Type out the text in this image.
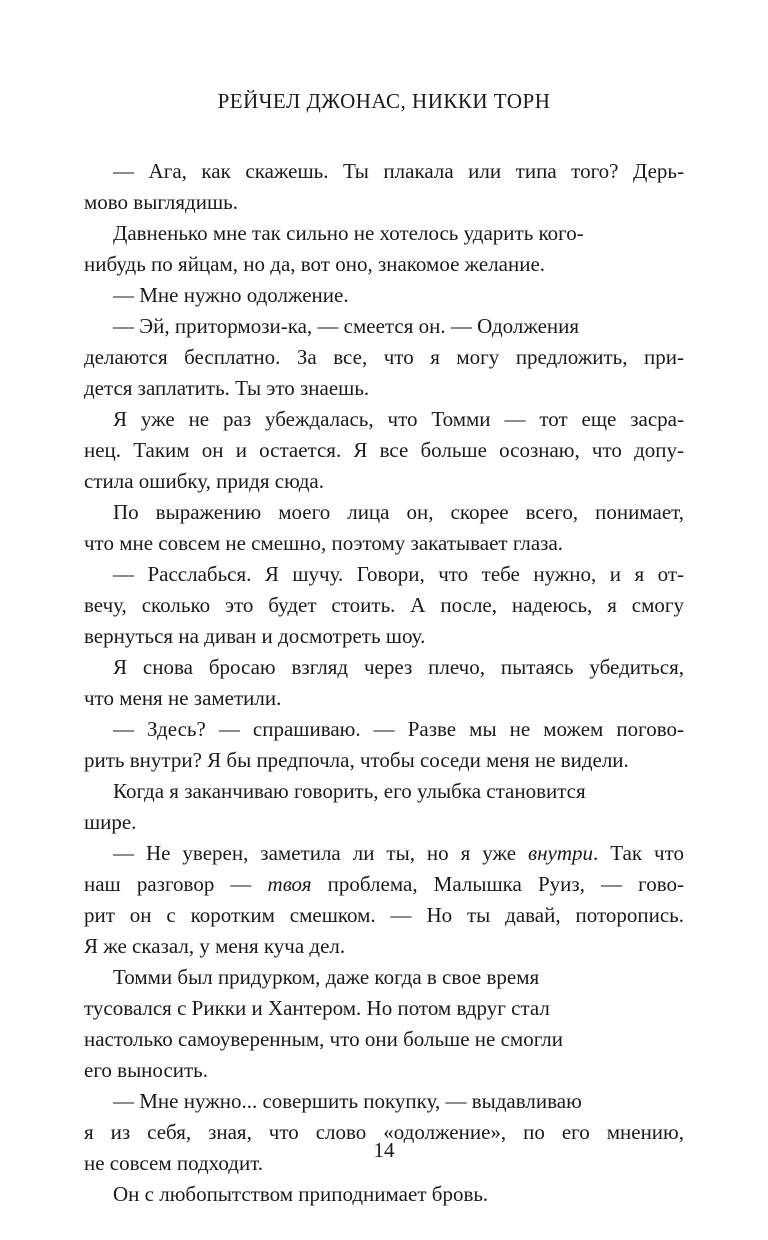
РЕЙЧЕЛ ДЖОНАС, НИККИ ТОРН

— Ага, как скажешь. Ты плакала или типа того? Дерь-
мово выглядишь.

Давненько мне так сильно не хотелось ударить кого-
нибудь по яйцам, но да, вот оно, знакомое желание.

— Мне нужно одолжение.

— Эй, притормози-ка, — смеется он. — Одолжения
делаются бесплатно. За все, что я могу предложить, при-
дется заплатить. Ты это знаешь.

Я уже не раз убеждалась, что Томми — тот еще засра-
нец. Таким он и остается. Я все больше осознаю, что допу-
стила ошибку, придя сюда.

По выражению моего лица он, скорее всего, понимает,
что мне совсем не смешно, поэтому закатывает глаза.

— Расслабься. Я шучу. Говори, что тебе нужно, и я от-
вечу, сколько это будет стоить. А после, надеюсь, я смогу
вернуться на диван и досмотреть шоу.

Я снова бросаю взгляд через плечо, пытаясь убедиться,
что меня не заметили.

— Здесь? — спрашиваю. — Разве мы не можем погово-
рить внутри? Я бы предпочла, чтобы соседи меня не видели.

Когда я заканчиваю говорить, его улыбка становится
шире.

— Не уверен, заметила ли ты, но я уже внутри. Так что
наш разговор — твоя проблема, Малышка Руиз, — гово-
рит он с коротким смешком. — Но ты давай, поторопись.
Я же сказал, у меня куча дел.

Томми был придурком, даже когда в свое время
тусовался с Рикки и Хантером. Но потом вдруг стал
настолько самоуверенным, что они больше не смогли
его выносить.

— Мне нужно... совершить покупку, — выдавливаю
я из себя, зная, что слово «одолжение», по его мнению,
не совсем подходит.

Он с любопытством приподнимает бровь.

14
